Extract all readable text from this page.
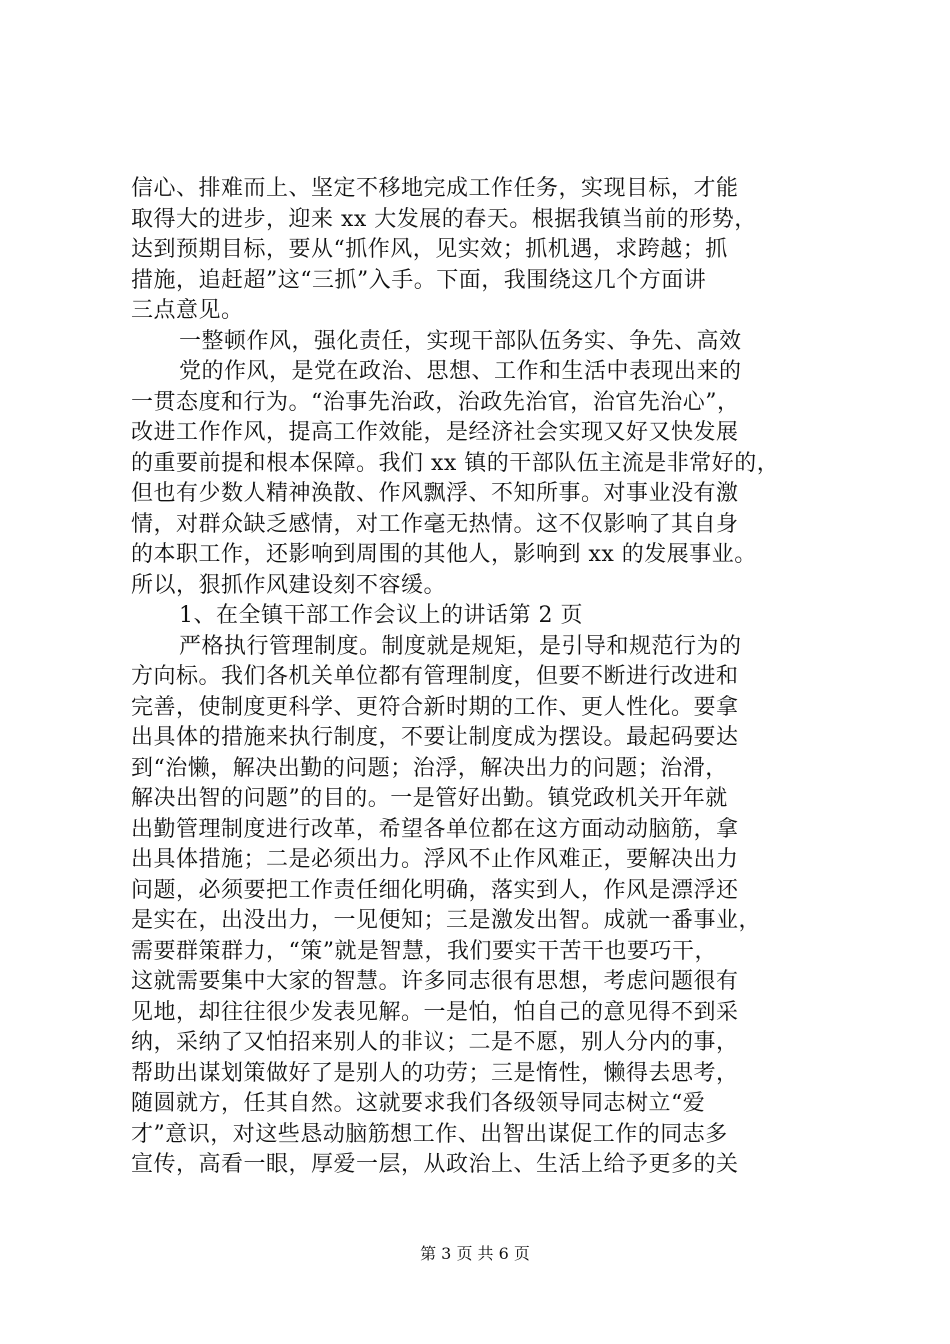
信心、排难而上、坚定不移地完成工作任务，实现目标，才能
取得大的进步，迎来 xx 大发展的春天。根据我镇当前的形势，
达到预期目标，要从“抓作风，见实效；抓机遇，求跨越；抓
措施，追赶超”这“三抓”入手。下面，我围绕这几个方面讲
三点意见。
一整顿作风，强化责任，实现干部队伍务实、争先、高效
党的作风，是党在政治、思想、工作和生活中表现出来的
一贯态度和行为。“治事先治政，治政先治官，治官先治心”，
改进工作作风，提高工作效能，是经济社会实现又好又快发展
的重要前提和根本保障。我们 xx 镇的干部队伍主流是非常好的，
但也有少数人精神涣散、作风飘浮、不知所事。对事业没有激
情，对群众缺乏感情，对工作毫无热情。这不仅影响了其自身
的本职工作，还影响到周围的其他人，影响到 xx 的发展事业。
所以，狠抓作风建设刻不容缓。
1、在全镇干部工作会议上的讲话第 2 页
严格执行管理制度。制度就是规矩，是引导和规范行为的
方向标。我们各机关单位都有管理制度，但要不断进行改进和
完善，使制度更科学、更符合新时期的工作、更人性化。要拿
出具体的措施来执行制度，不要让制度成为摆设。最起码要达
到“治懒，解决出勤的问题；治浮，解决出力的问题；治滑，
解决出智的问题”的目的。一是管好出勤。镇党政机关开年就
出勤管理制度进行改革，希望各单位都在这方面动动脑筋，拿
出具体措施；二是必须出力。浮风不止作风难正，要解决出力
问题，必须要把工作责任细化明确，落实到人，作风是漂浮还
是实在，出没出力，一见便知；三是激发出智。成就一番事业，
需要群策群力，“策”就是智慧，我们要实干苦干也要巧干，
这就需要集中大家的智慧。许多同志很有思想，考虑问题很有
见地，却往往很少发表见解。一是怕，怕自己的意见得不到采
纳，采纳了又怕招来别人的非议；二是不愿，别人分内的事，
帮助出谋划策做好了是别人的功劳；三是惰性，懒得去思考，
随圆就方，任其自然。这就要求我们各级领导同志树立“爱
才”意识，对这些恳动脑筋想工作、出智出谋促工作的同志多
宣传，高看一眼，厚爱一层，从政治上、生活上给予更多的关
第 3 页 共 6 页
